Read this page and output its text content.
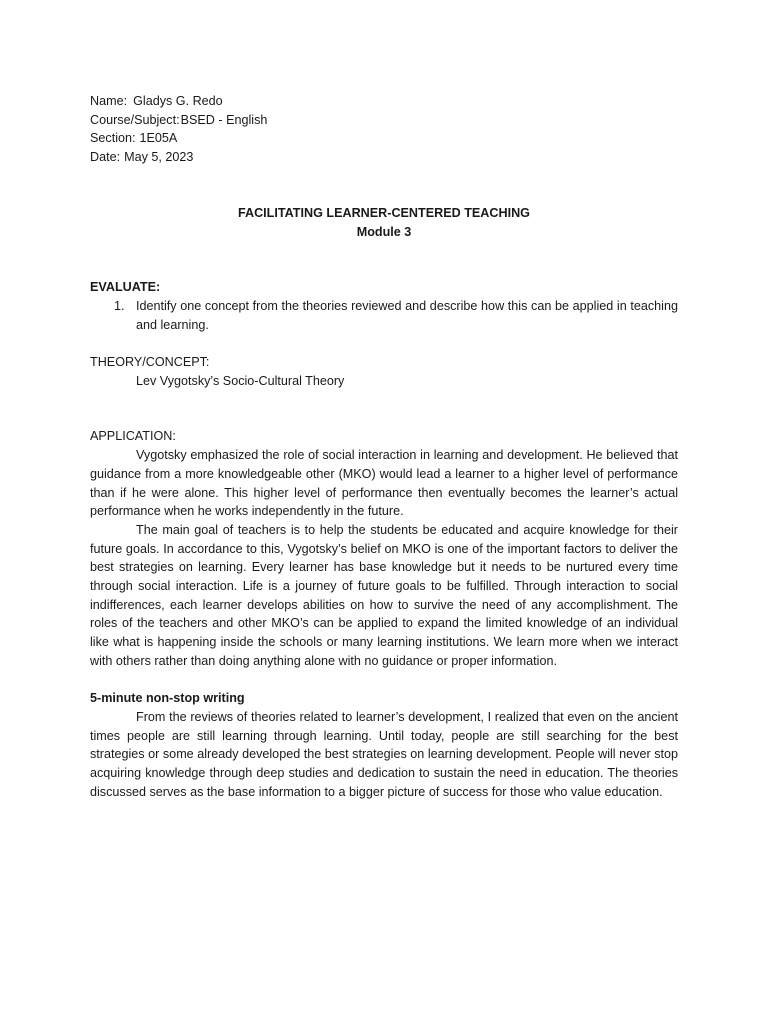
Name: Gladys G. Redo
Course/Subject: BSED - English
Section: 1E05A
Date: May 5, 2023
FACILITATING LEARNER-CENTERED TEACHING
Module 3
EVALUATE:
1. Identify one concept from the theories reviewed and describe how this can be applied in teaching and learning.
THEORY/CONCEPT:
Lev Vygotsky’s Socio-Cultural Theory
APPLICATION:

Vygotsky emphasized the role of social interaction in learning and development. He believed that guidance from a more knowledgeable other (MKO) would lead a learner to a higher level of performance than if he were alone. This higher level of performance then eventually becomes the learner’s actual performance when he works independently in the future.

The main goal of teachers is to help the students be educated and acquire knowledge for their future goals. In accordance to this, Vygotsky’s belief on MKO is one of the important factors to deliver the best strategies on learning. Every learner has base knowledge but it needs to be nurtured every time through social interaction. Life is a journey of future goals to be fulfilled. Through interaction to social indifferences, each learner develops abilities on how to survive the need of any accomplishment. The roles of the teachers and other MKO’s can be applied to expand the limited knowledge of an individual like what is happening inside the schools or many learning institutions. We learn more when we interact with others rather than doing anything alone with no guidance or proper information.

5-minute non-stop writing

From the reviews of theories related to learner’s development, I realized that even on the ancient times people are still learning through learning. Until today, people are still searching for the best strategies or some already developed the best strategies on learning development. People will never stop acquiring knowledge through deep studies and dedication to sustain the need in education. The theories discussed serves as the base information to a bigger picture of success for those who value education.
